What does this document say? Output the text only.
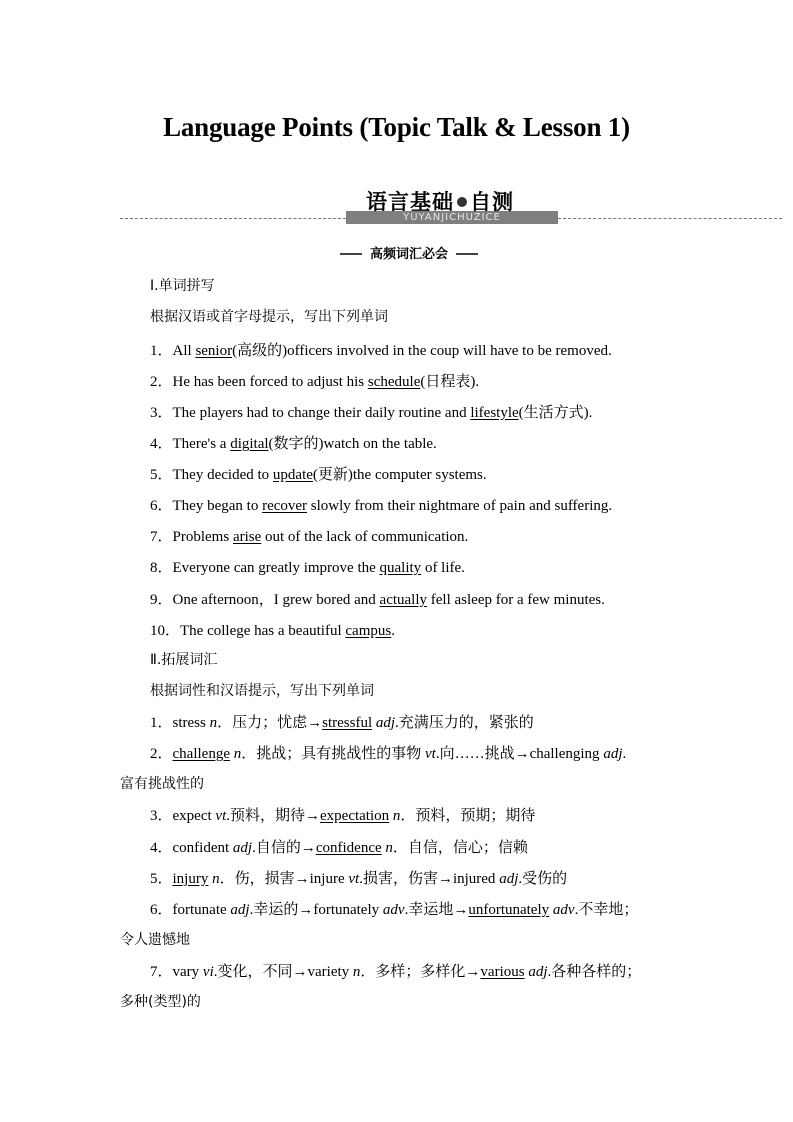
Language Points (Topic Talk & Lesson 1)
YUYANJICHUZICE
语言基础 自测
高频词汇必会
Ⅰ.单词拼写
根据汉语或首字母提示，写出下列单词
1．All senior(高级的)officers involved in the coup will have to be removed.
2．He has been forced to adjust his schedule(日程表).
3．The players had to change their daily routine and lifestyle(生活方式).
4．There's a digital(数字的)watch on the table.
5．They decided to update(更新)the computer systems.
6．They began to recover slowly from their nightmare of pain and suffering.
7．Problems arise out of the lack of communication.
8．Everyone can greatly improve the quality of life.
9．One afternoon，I grew bored and actually fell asleep for a few minutes.
10．The college has a beautiful campus.
Ⅱ.拓展词汇
根据词性和汉语提示，写出下列单词
1．stress n．压力；忧虑→stressful adj.充满压力的，紧张的
2．challenge n．挑战；具有挑战性的事物 vt.向……挑战→challenging adj.
富有挑战性的
3．expect vt.预料，期待→expectation n．预料，预期；期待
4．confident adj.自信的→confidence n．自信，信心；信赖
5．injury n．伤，损害→injure vt.损害，伤害→injured adj.受伤的
6．fortunate adj.幸运的→fortunately adv.幸运地→unfortunately adv.不幸地；
令人遗憾地
7．vary vi.变化，不同→variety n．多样；多样化→various adj.各种各样的；
多种(类型)的
